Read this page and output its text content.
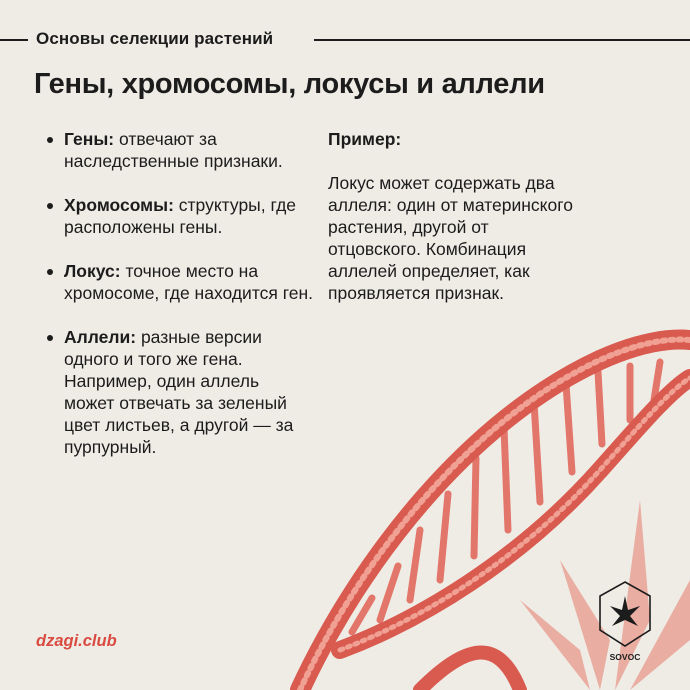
Основы селекции растений
Гены, хромосомы, локусы и аллели
Гены: отвечают за наследственные признаки.
Хромосомы: структуры, где расположены гены.
Локус: точное место на хромосоме, где находится ген.
Аллели: разные версии одного и того же гена. Например, один аллель может отвечать за зеленый цвет листьев, а другой — за пурпурный.

Пример:

Локус может содержать два аллеля: один от материнского растения, другой от отцовского. Комбинация аллелей определяет, как проявляется признак.

dzagi.club
SOVOC
